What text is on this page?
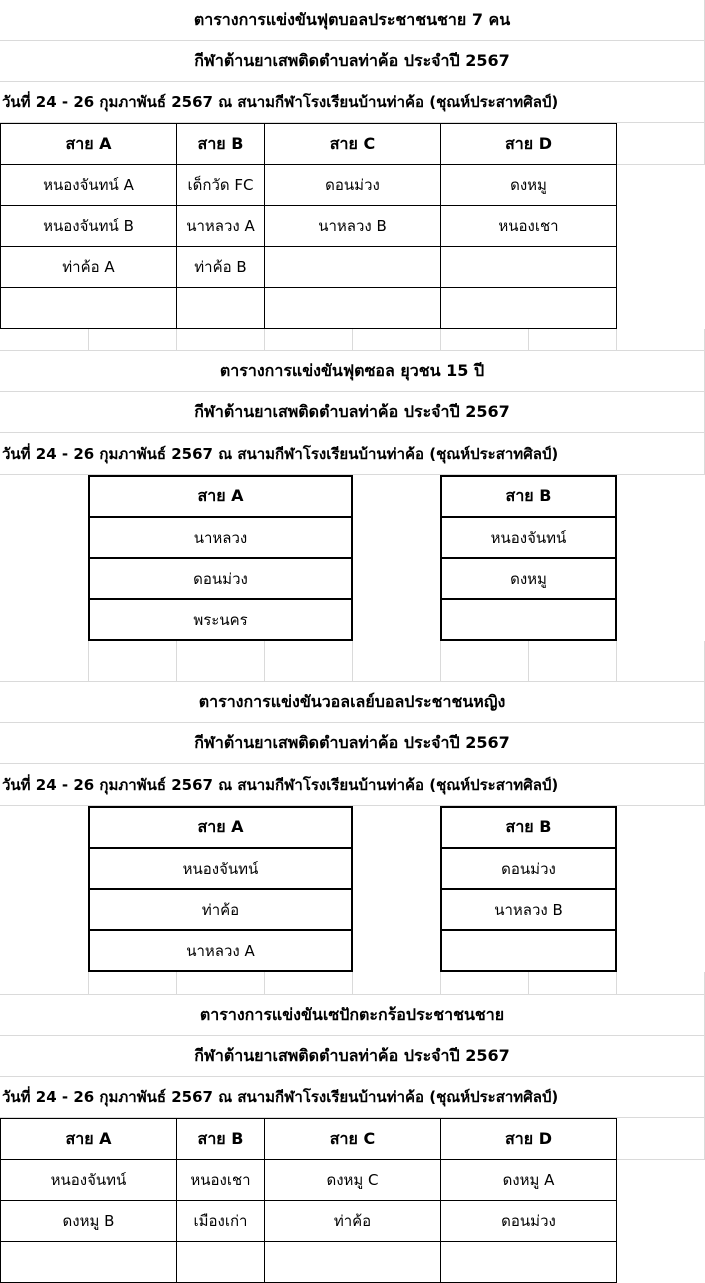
ตารางการแข่งขันฟุตบอลประชาชนชาย 7 คน
กีฬาต้านยาเสพติดตำบลท่าค้อ ประจำปี 2567
วันที่ 24 - 26 กุมภาพันธ์ 2567 ณ สนามกีฬาโรงเรียนบ้านท่าค้อ (ชุณห์ประสาทศิลป์)
สาย A	สาย B	สาย C	สาย D
หนองจันทน์ A	เด็กวัด FC	ดอนม่วง	ดงหมู
หนองจันทน์ B	นาหลวง A	นาหลวง B	หนองเชา
ท่าค้อ A	ท่าค้อ B
ตารางการแข่งขันฟุตซอล ยุวชน 15 ปี
กีฬาต้านยาเสพติดตำบลท่าค้อ ประจำปี 2567
วันที่ 24 - 26 กุมภาพันธ์ 2567 ณ สนามกีฬาโรงเรียนบ้านท่าค้อ (ชุณห์ประสาทศิลป์)
สาย A	สาย B
นาหลวง	หนองจันทน์
ดอนม่วง	ดงหมู
พระนคร
ตารางการแข่งขันวอลเลย์บอลประชาชนหญิง
กีฬาต้านยาเสพติดตำบลท่าค้อ ประจำปี 2567
วันที่ 24 - 26 กุมภาพันธ์ 2567 ณ สนามกีฬาโรงเรียนบ้านท่าค้อ (ชุณห์ประสาทศิลป์)
สาย A	สาย B
หนองจันทน์	ดอนม่วง
ท่าค้อ	นาหลวง B
นาหลวง A
ตารางการแข่งขันเซปักตะกร้อประชาชนชาย
กีฬาต้านยาเสพติดตำบลท่าค้อ ประจำปี 2567
วันที่ 24 - 26 กุมภาพันธ์ 2567 ณ สนามกีฬาโรงเรียนบ้านท่าค้อ (ชุณห์ประสาทศิลป์)
สาย A	สาย B	สาย C	สาย D
หนองจันทน์	หนองเชา	ดงหมู C	ดงหมู A
ดงหมู B	เมืองเก่า	ท่าค้อ	ดอนม่วง
